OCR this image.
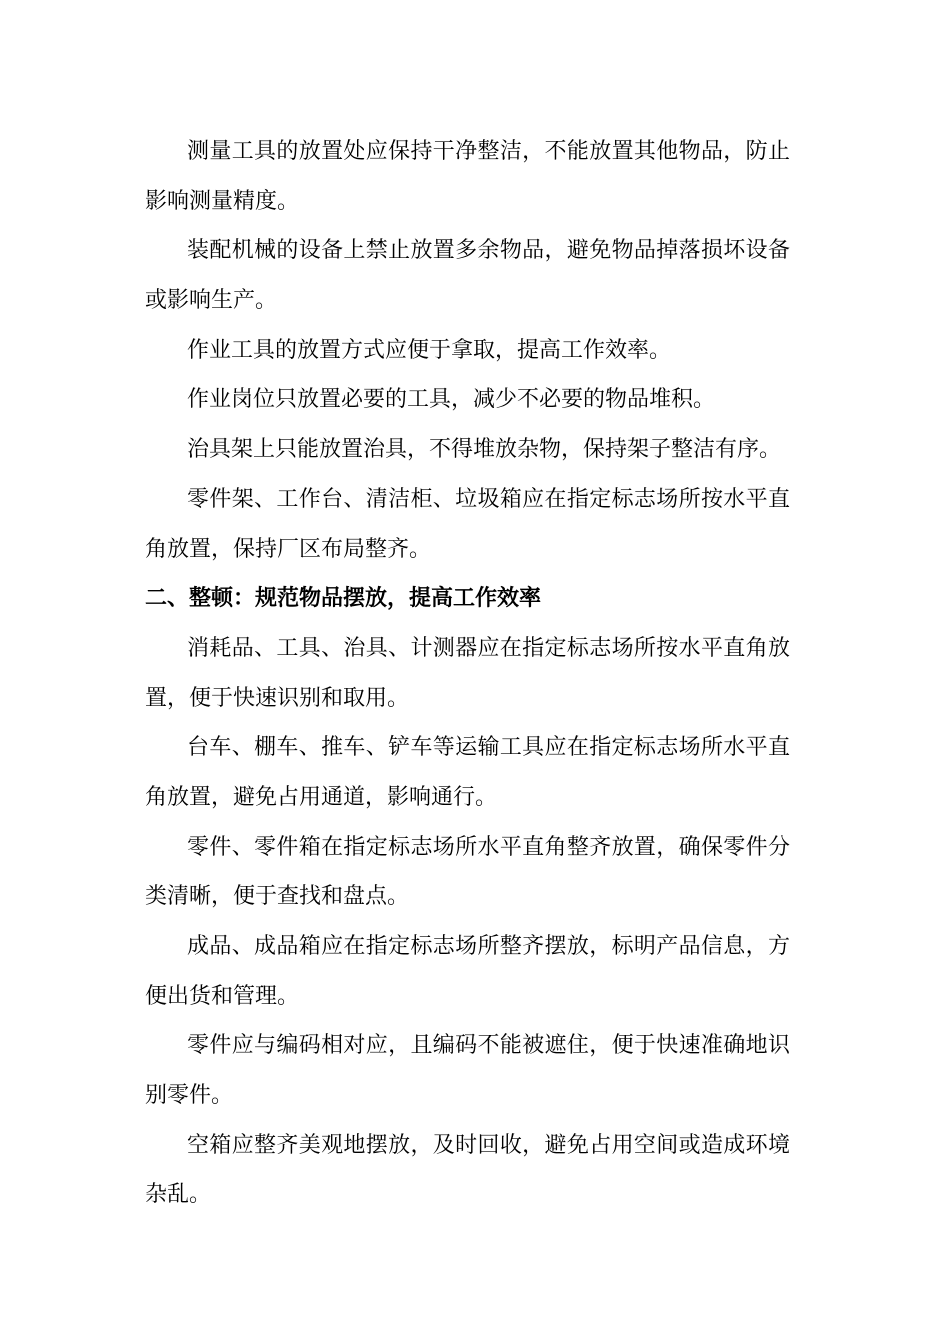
测量工具的放置处应保持干净整洁，不能放置其他物品，防止
影响测量精度。
装配机械的设备上禁止放置多余物品，避免物品掉落损坏设备
或影响生产。
作业工具的放置方式应便于拿取，提高工作效率。
作业岗位只放置必要的工具，减少不必要的物品堆积。
治具架上只能放置治具，不得堆放杂物，保持架子整洁有序。
零件架、工作台、清洁柜、垃圾箱应在指定标志场所按水平直
角放置，保持厂区布局整齐。
二、整顿：规范物品摆放，提高工作效率
消耗品、工具、治具、计测器应在指定标志场所按水平直角放
置，便于快速识别和取用。
台车、棚车、推车、铲车等运输工具应在指定标志场所水平直
角放置，避免占用通道，影响通行。
零件、零件箱在指定标志场所水平直角整齐放置，确保零件分
类清晰，便于查找和盘点。
成品、成品箱应在指定标志场所整齐摆放，标明产品信息，方
便出货和管理。
零件应与编码相对应，且编码不能被遮住，便于快速准确地识
别零件。
空箱应整齐美观地摆放，及时回收，避免占用空间或造成环境
杂乱。
